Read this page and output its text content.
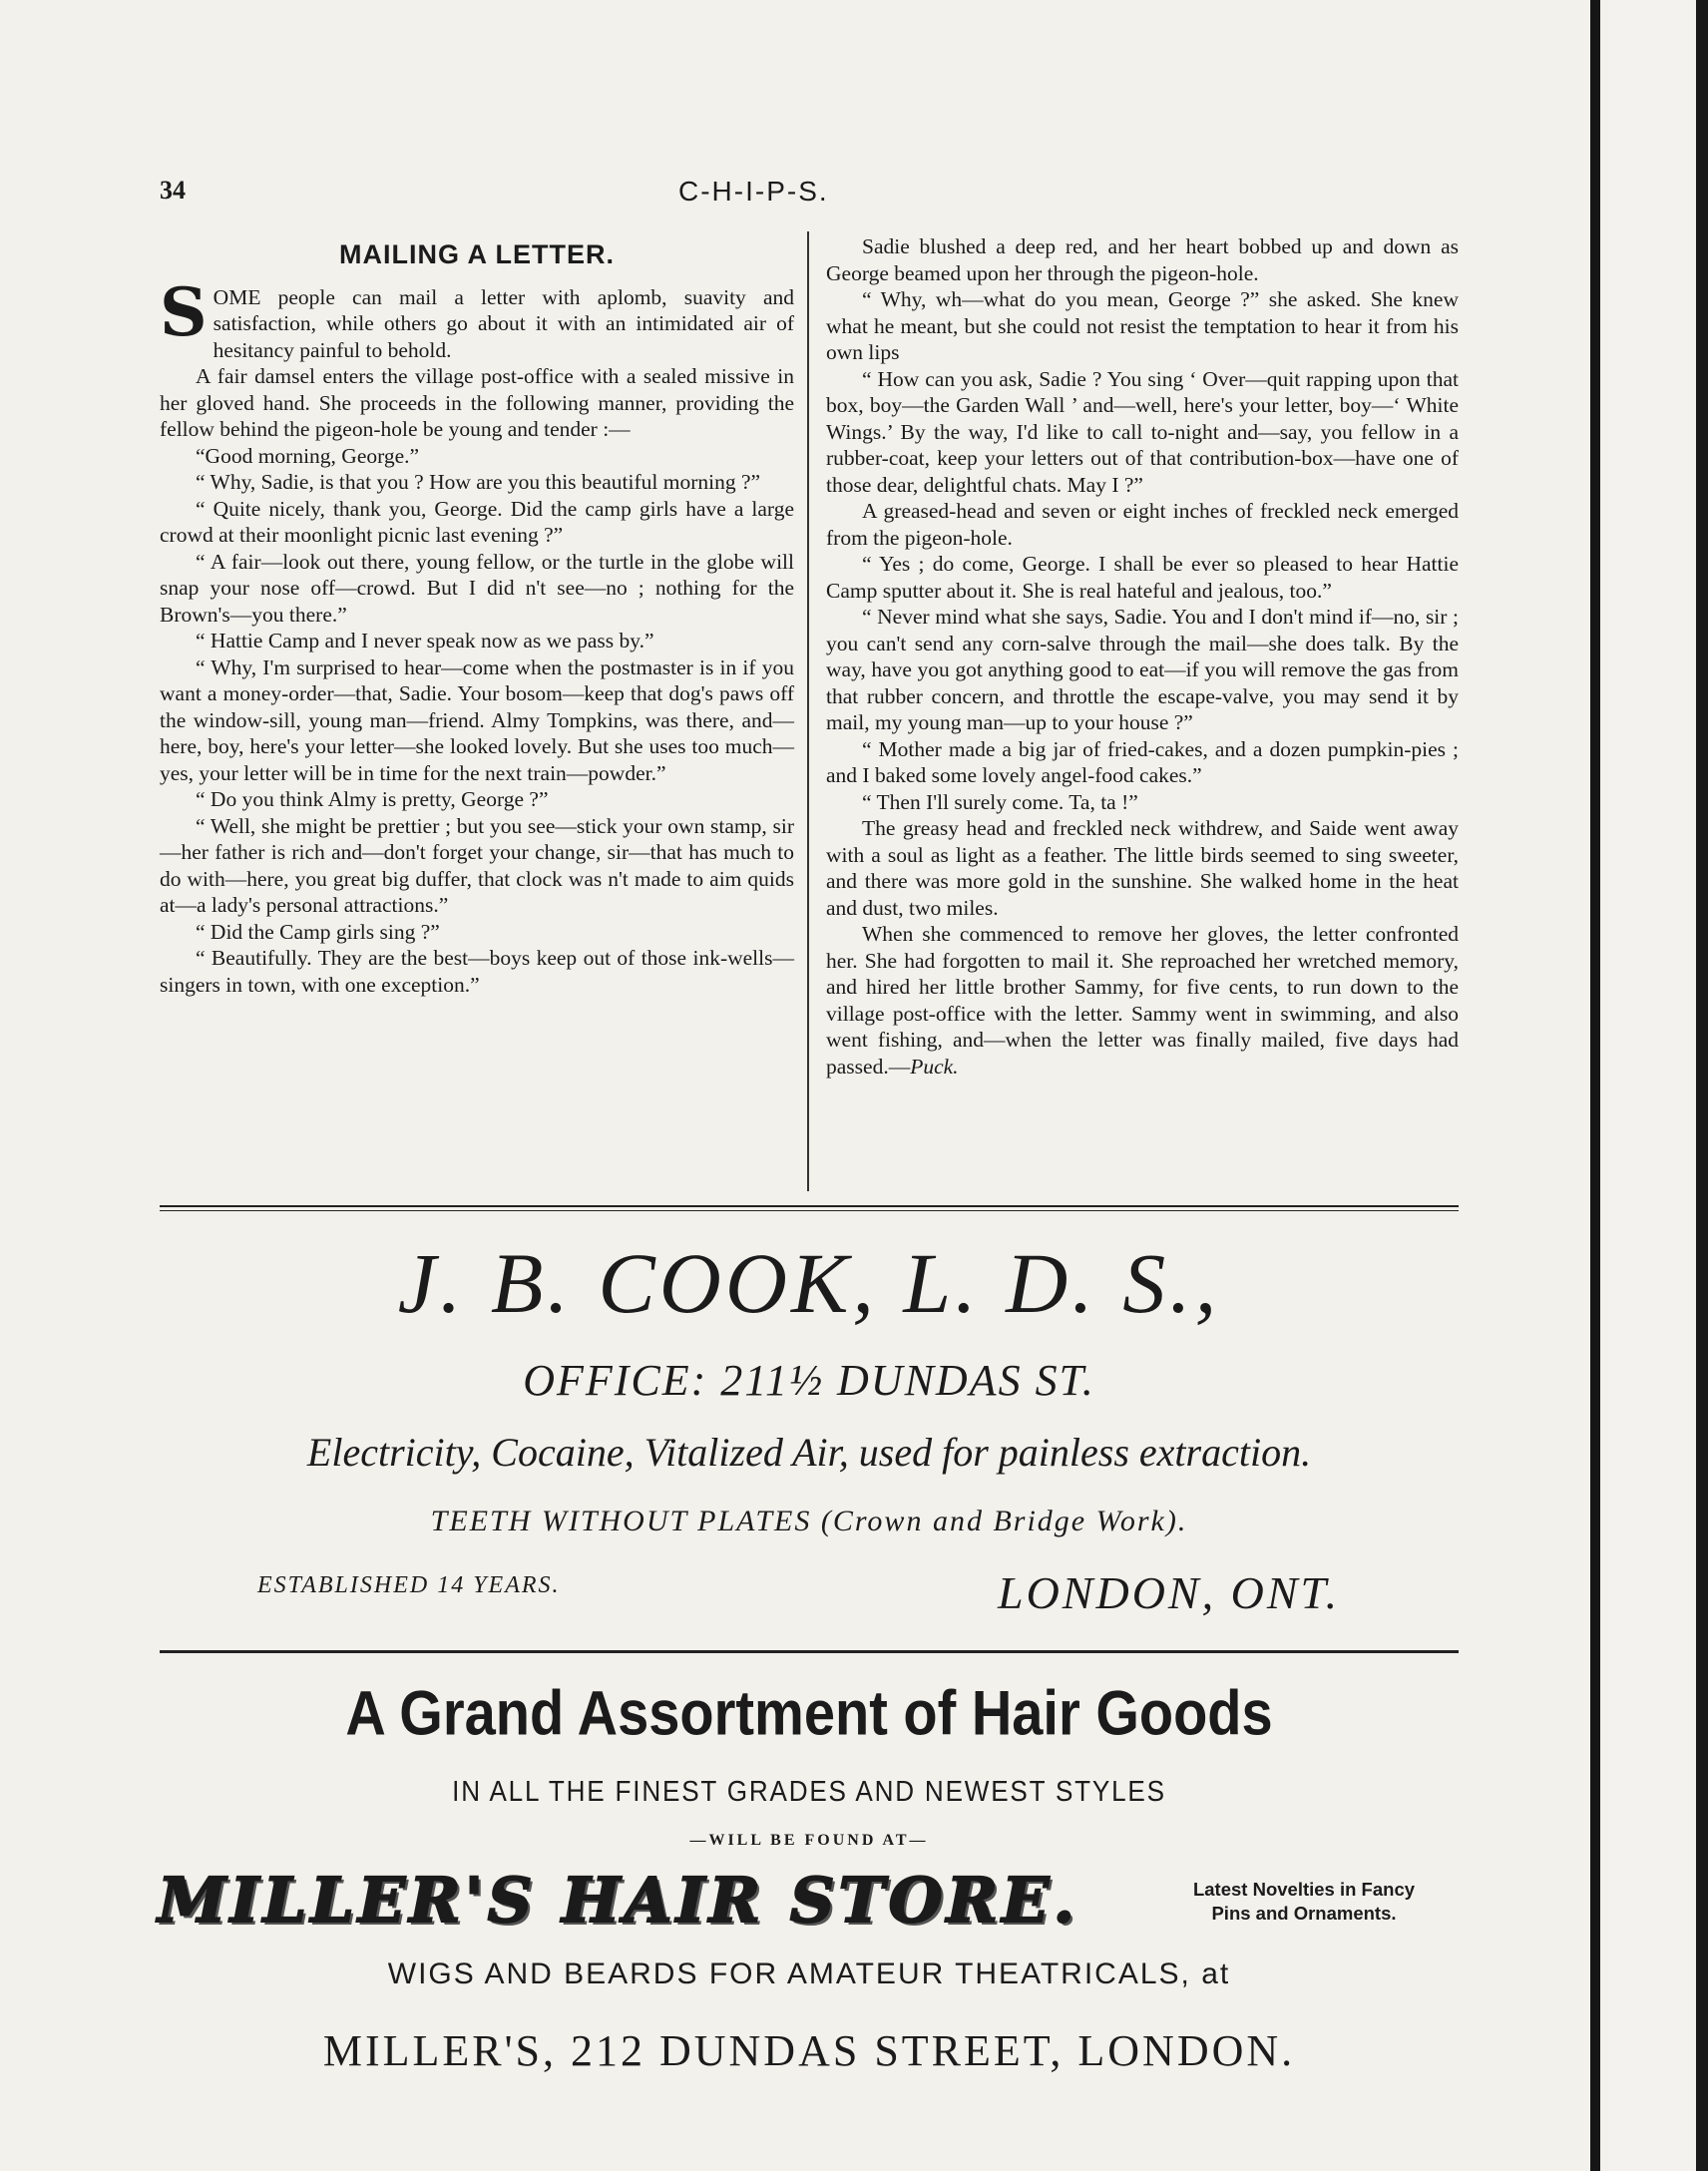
34	C-H-I-P-S.
MAILING A LETTER.

SOME people can mail a letter with aplomb, suavity and satisfaction, while others go about it with an intimidated air of hesitancy painful to behold.

A fair damsel enters the village post-office with a sealed missive in her gloved hand. She proceeds in the following manner, providing the fellow behind the pigeon-hole be young and tender :—

“Good morning, George.”

“ Why, Sadie, is that you ? How are you this beautiful morning ?”

“ Quite nicely, thank you, George. Did the camp girls have a large crowd at their moonlight picnic last evening ?”

“ A fair—look out there, young fellow, or the turtle in the globe will snap your nose off—crowd. But I did n't see—no ; nothing for the Brown's—you there.”

“ Hattie Camp and I never speak now as we pass by.”

“ Why, I'm surprised to hear—come when the postmaster is in if you want a money-order—that, Sadie. Your bosom—keep that dog's paws off the window-sill, young man—friend. Almy Tompkins, was there, and—here, boy, here's your letter—she looked lovely. But she uses too much—yes, your letter will be in time for the next train—powder.”

“ Do you think Almy is pretty, George ?”

“ Well, she might be prettier ; but you see—stick your own stamp, sir—her father is rich and—don't forget your change, sir—that has much to do with—here, you great big duffer, that clock was n't made to aim quids at—a lady's personal attractions.”

“ Did the Camp girls sing ?”

“ Beautifully. They are the best—boys keep out of those ink-wells—singers in town, with one exception.”

Sadie blushed a deep red, and her heart bobbed up and down as George beamed upon her through the pigeon-hole.

“ Why, wh—what do you mean, George ?” she asked. She knew what he meant, but she could not resist the temptation to hear it from his own lips

“ How can you ask, Sadie ? You sing ‘ Over—quit rapping upon that box, boy—the Garden Wall ’ and—well, here's your letter, boy—‘ White Wings.’ By the way, I'd like to call to-night and—say, you fellow in a rubber-coat, keep your letters out of that contribution-box—have one of those dear, delightful chats. May I ?”

A greased-head and seven or eight inches of freckled neck emerged from the pigeon-hole.

“ Yes ; do come, George. I shall be ever so pleased to hear Hattie Camp sputter about it. She is real hateful and jealous, too.”

“ Never mind what she says, Sadie. You and I don't mind if—no, sir ; you can't send any corn-salve through the mail—she does talk. By the way, have you got anything good to eat—if you will remove the gas from that rubber concern, and throttle the escape-valve, you may send it by mail, my young man—up to your house ?”

“ Mother made a big jar of fried-cakes, and a dozen pumpkin-pies ; and I baked some lovely angel-food cakes.”

“ Then I'll surely come. Ta, ta !”

The greasy head and freckled neck withdrew, and Saide went away with a soul as light as a feather. The little birds seemed to sing sweeter, and there was more gold in the sunshine. She walked home in the heat and dust, two miles.

When she commenced to remove her gloves, the letter confronted her. She had forgotten to mail it. She reproached her wretched memory, and hired her little brother Sammy, for five cents, to run down to the village post-office with the letter. Sammy went in swimming, and also went fishing, and—when the letter was finally mailed, five days had passed.—Puck.

J. B. COOK, L. D. S.,
OFFICE: 211½ DUNDAS ST.
Electricity, Cocaine, Vitalized Air, used for painless extraction.
TEETH WITHOUT PLATES (Crown and Bridge Work).
ESTABLISHED 14 YEARS.	LONDON, ONT.
A Grand Assortment of Hair Goods
IN ALL THE FINEST GRADES AND NEWEST STYLES
—WILL BE FOUND AT—
MILLER'S HAIR STORE.	Latest Novelties in Fancy
Pins and Ornaments.
WIGS AND BEARDS FOR AMATEUR THEATRICALS, at
MILLER'S, 212 DUNDAS STREET, LONDON.
